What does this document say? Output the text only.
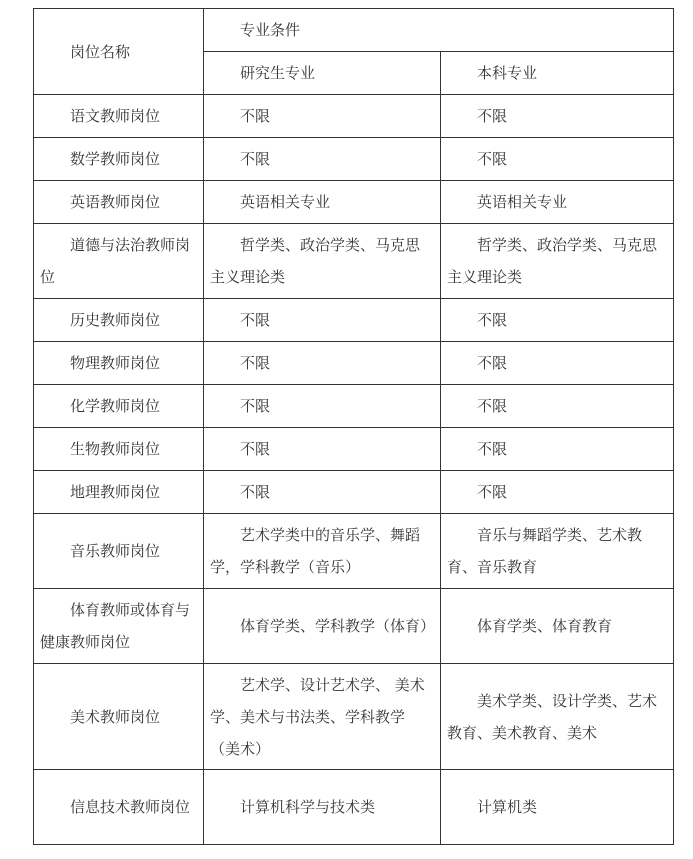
岗位名称	专业条件	
	研究生专业	本科专业
语文教师岗位	不限	不限
数学教师岗位	不限	不限
英语教师岗位	英语相关专业	英语相关专业
道德与法治教师岗位	哲学类、政治学类、马克思主义理论类	哲学类、政治学类、马克思主义理论类
历史教师岗位	不限	不限
物理教师岗位	不限	不限
化学教师岗位	不限	不限
生物教师岗位	不限	不限
地理教师岗位	不限	不限
音乐教师岗位	艺术学类中的音乐学、舞蹈学，学科教学（音乐）	音乐与舞蹈学类、艺术教育、音乐教育
体育教师或体育与健康教师岗位	体育学类、学科教学（体育）	体育学类、体育教育
美术教师岗位	艺术学、设计艺术学、 美术学、美术与书法类、学科教学（美术）	美术学类、设计学类、艺术教育、美术教育、美术
信息技术教师岗位	计算机科学与技术类	计算机类
